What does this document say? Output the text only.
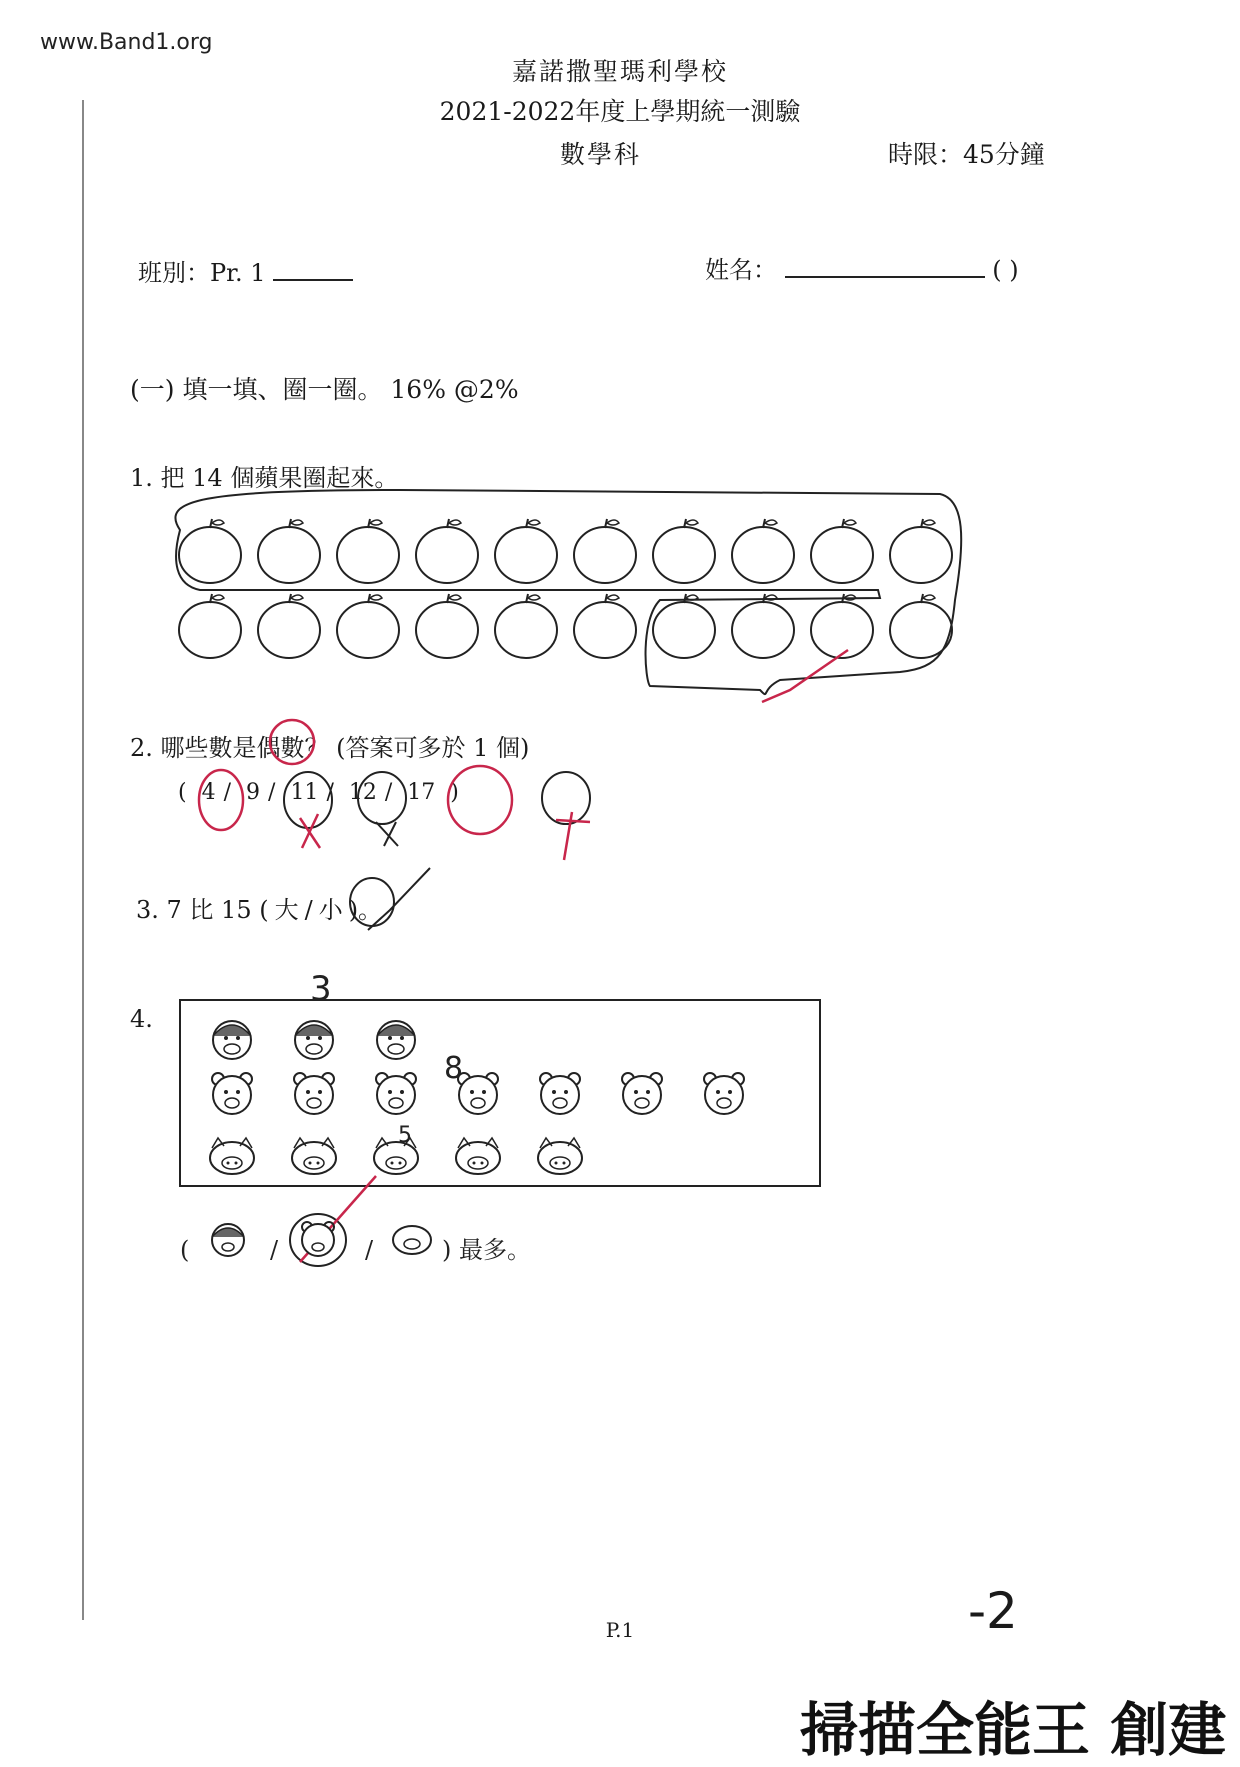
www.Band1.org
嘉諾撒聖瑪利學校
2021-2022年度上學期統一測驗
數學科	時限：45分鐘
班別：Pr. 1	姓名：	( )
(一) 填一填、圈一圈。 16% @2%
1. 把 14 個蘋果圈起來。
2. 哪些數是偶數？ (答案可多於 1 個)
( 4 / 9 / 11 / 12 / 17 )
3. 7 比 15 ( 大 / 小 )。
4.
P.1	-2
掃描全能王 創建
3
8
5
(	/	/	) 最多。
